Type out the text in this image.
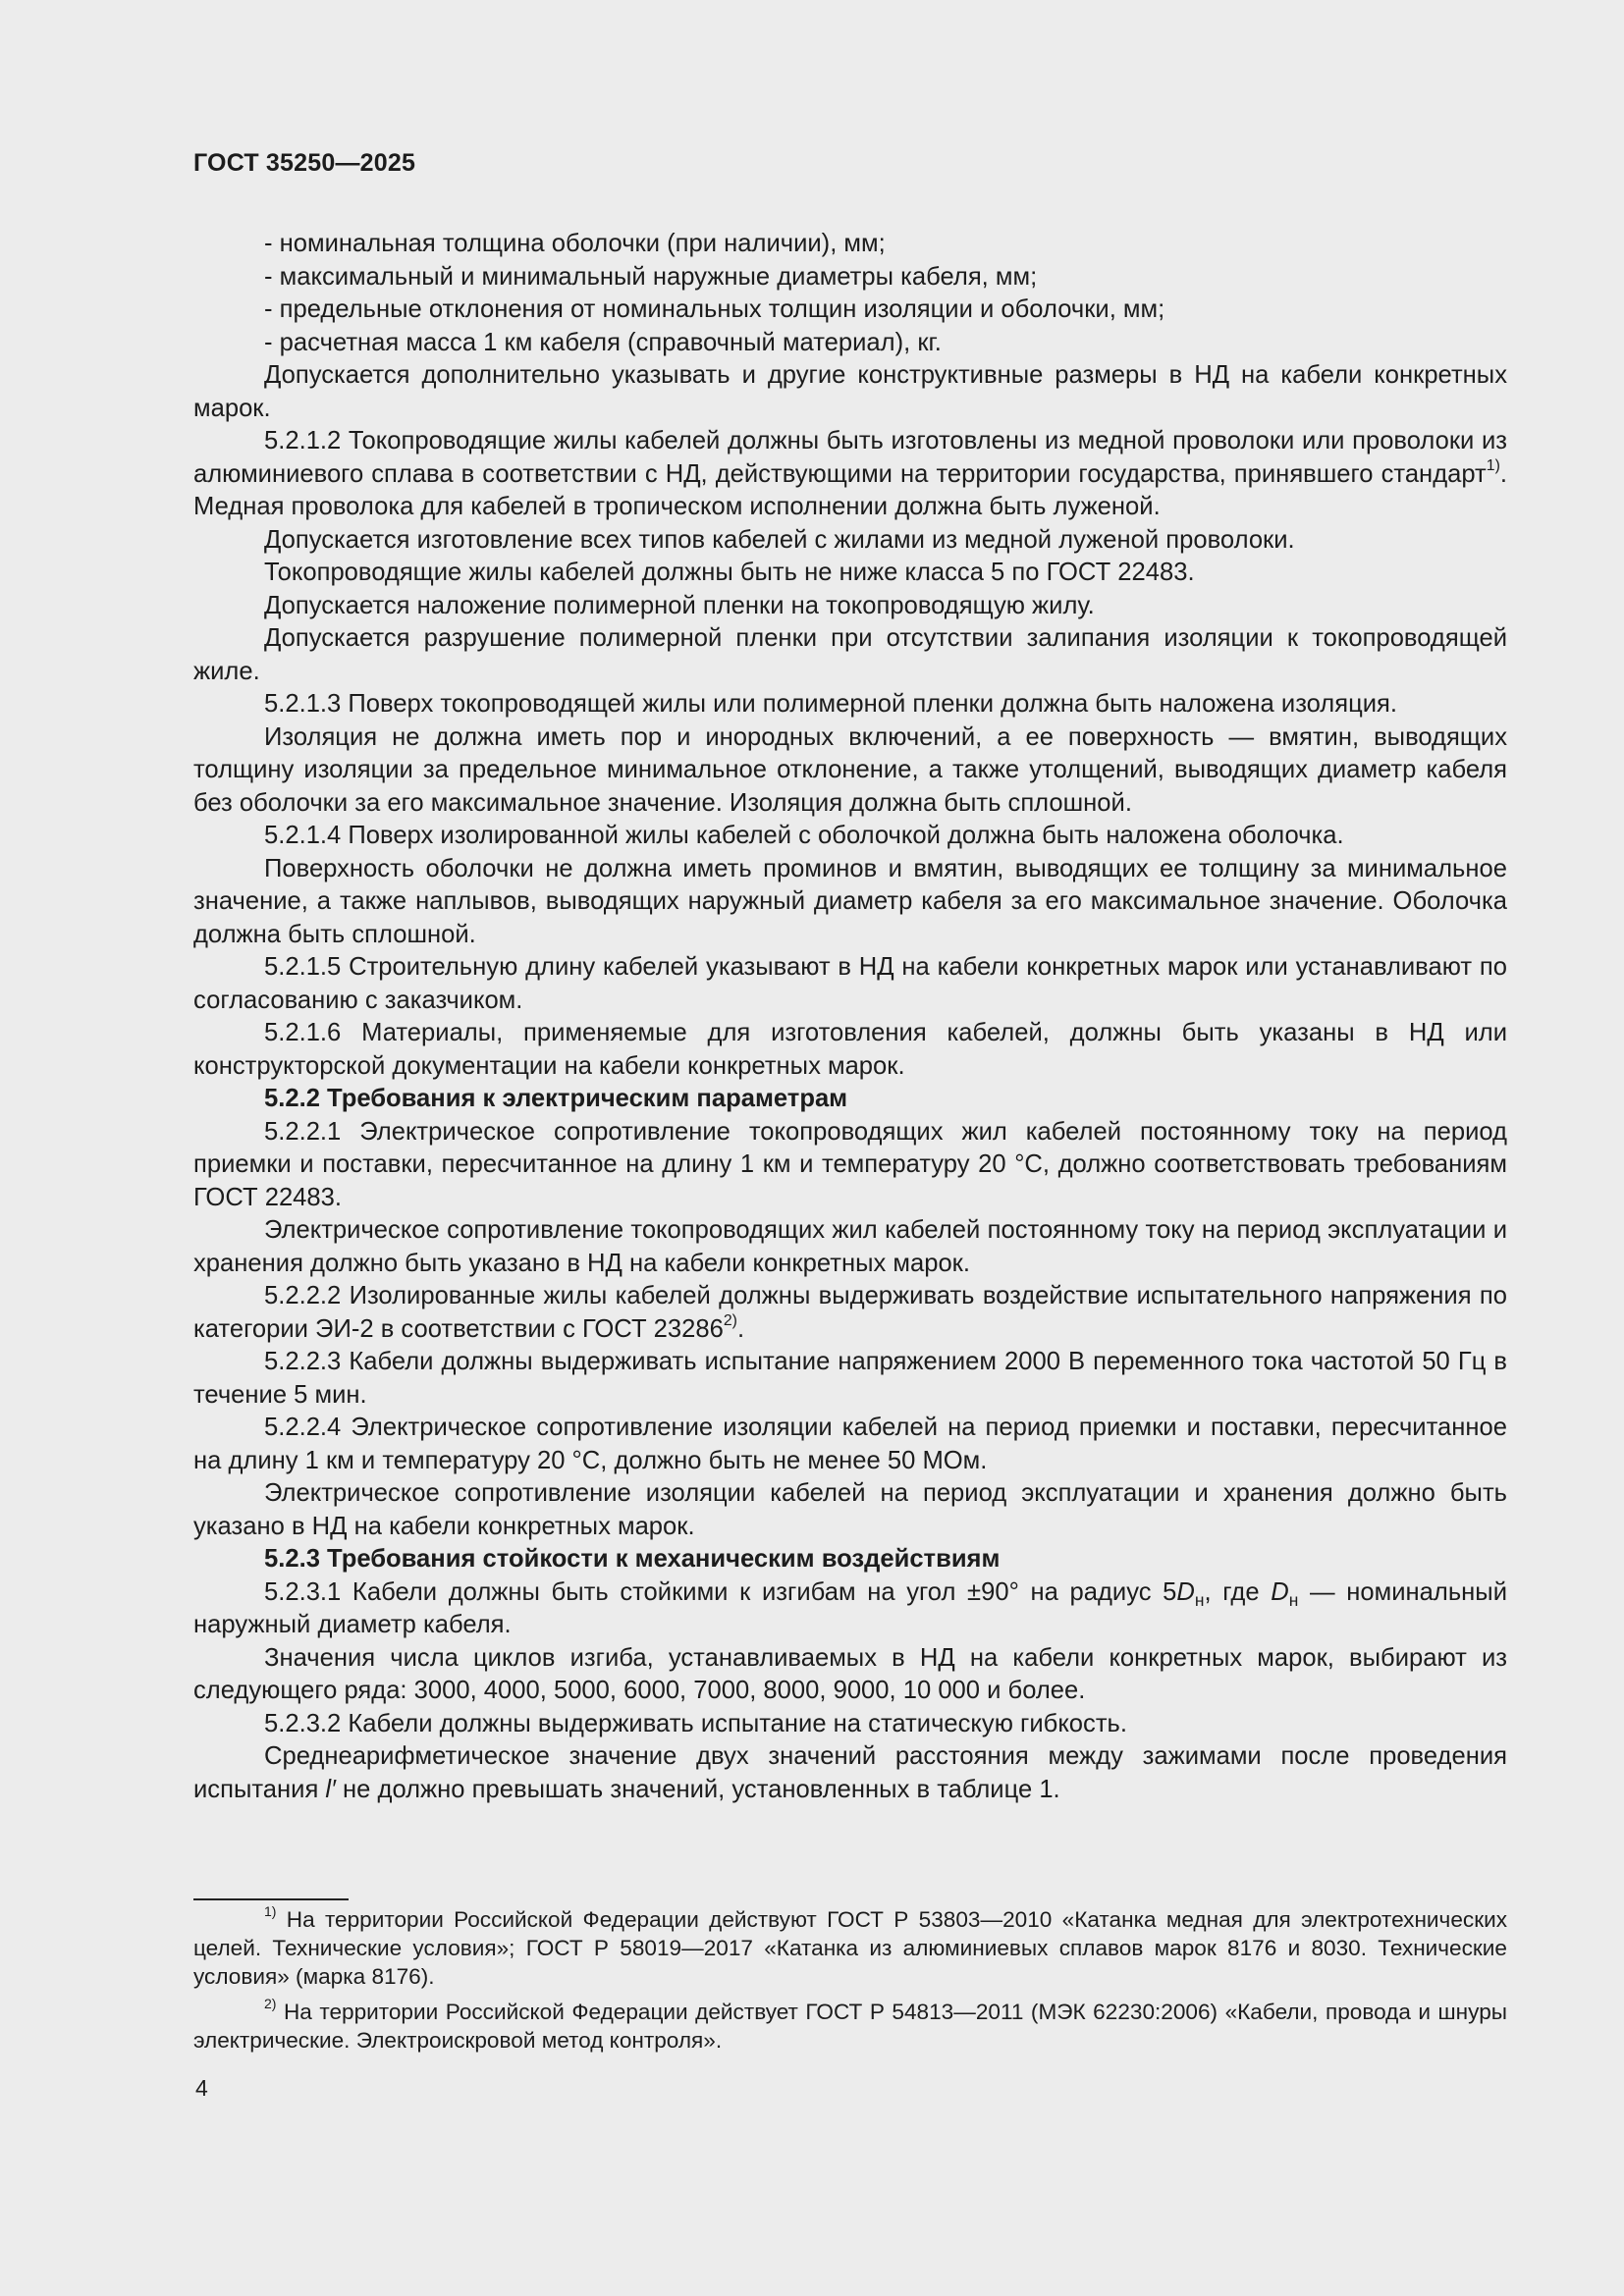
ГОСТ 35250—2025

- номинальная толщина оболочки (при наличии), мм;

- максимальный и минимальный наружные диаметры кабеля, мм;

- предельные отклонения от номинальных толщин изоляции и оболочки, мм;

- расчетная масса 1 км кабеля (справочный материал), кг.

Допускается дополнительно указывать и другие конструктивные размеры в НД на кабели конкретных марок.

5.2.1.2 Токопроводящие жилы кабелей должны быть изготовлены из медной проволоки или проволоки из алюминиевого сплава в соответствии с НД, действующими на территории государства, принявшего стандарт$^{1)}$. Медная проволока для кабелей в тропическом исполнении должна быть луженой.

Допускается изготовление всех типов кабелей с жилами из медной луженой проволоки.

Токопроводящие жилы кабелей должны быть не ниже класса 5 по ГОСТ 22483.

Допускается наложение полимерной пленки на токопроводящую жилу.

Допускается разрушение полимерной пленки при отсутствии залипания изоляции к токопроводящей жиле.

5.2.1.3 Поверх токопроводящей жилы или полимерной пленки должна быть наложена изоляция.

Изоляция не должна иметь пор и инородных включений, а ее поверхность — вмятин, выводящих толщину изоляции за предельное минимальное отклонение, а также утолщений, выводящих диаметр кабеля без оболочки за его максимальное значение. Изоляция должна быть сплошной.

5.2.1.4 Поверх изолированной жилы кабелей с оболочкой должна быть наложена оболочка.

Поверхность оболочки не должна иметь проминов и вмятин, выводящих ее толщину за минимальное значение, а также наплывов, выводящих наружный диаметр кабеля за его максимальное значение. Оболочка должна быть сплошной.

5.2.1.5 Строительную длину кабелей указывают в НД на кабели конкретных марок или устанавливают по согласованию с заказчиком.

5.2.1.6 Материалы, применяемые для изготовления кабелей, должны быть указаны в НД или конструкторской документации на кабели конкретных марок.

5.2.2 Требования к электрическим параметрам

5.2.2.1 Электрическое сопротивление токопроводящих жил кабелей постоянному току на период приемки и поставки, пересчитанное на длину 1 км и температуру 20 °С, должно соответствовать требованиям ГОСТ 22483.

Электрическое сопротивление токопроводящих жил кабелей постоянному току на период эксплуатации и хранения должно быть указано в НД на кабели конкретных марок.

5.2.2.2 Изолированные жилы кабелей должны выдерживать воздействие испытательного напряжения по категории ЭИ-2 в соответствии с ГОСТ 23286$^{2)}$.

5.2.2.3 Кабели должны выдерживать испытание напряжением 2000 В переменного тока частотой 50 Гц в течение 5 мин.

5.2.2.4 Электрическое сопротивление изоляции кабелей на период приемки и поставки, пересчитанное на длину 1 км и температуру 20 °С, должно быть не менее 50 МОм.

Электрическое сопротивление изоляции кабелей на период эксплуатации и хранения должно быть указано в НД на кабели конкретных марок.

5.2.3 Требования стойкости к механическим воздействиям

5.2.3.1 Кабели должны быть стойкими к изгибам на угол ±90° на радиус $5D_н$, где $D_н$ — номинальный наружный диаметр кабеля.

Значения числа циклов изгиба, устанавливаемых в НД на кабели конкретных марок, выбирают из следующего ряда: 3000, 4000, 5000, 6000, 7000, 8000, 9000, 10 000 и более.

5.2.3.2 Кабели должны выдерживать испытание на статическую гибкость.

Среднеарифметическое значение двух значений расстояния между зажимами после проведения испытания l′ не должно превышать значений, установленных в таблице 1.

$^{1)}$ На территории Российской Федерации действуют ГОСТ Р 53803—2010 «Катанка медная для электротехнических целей. Технические условия»; ГОСТ Р 58019—2017 «Катанка из алюминиевых сплавов марок 8176 и 8030. Технические условия» (марка 8176).

$^{2)}$ На территории Российской Федерации действует ГОСТ Р 54813—2011 (МЭК 62230:2006) «Кабели, провода и шнуры электрические. Электроискровой метод контроля».

4
